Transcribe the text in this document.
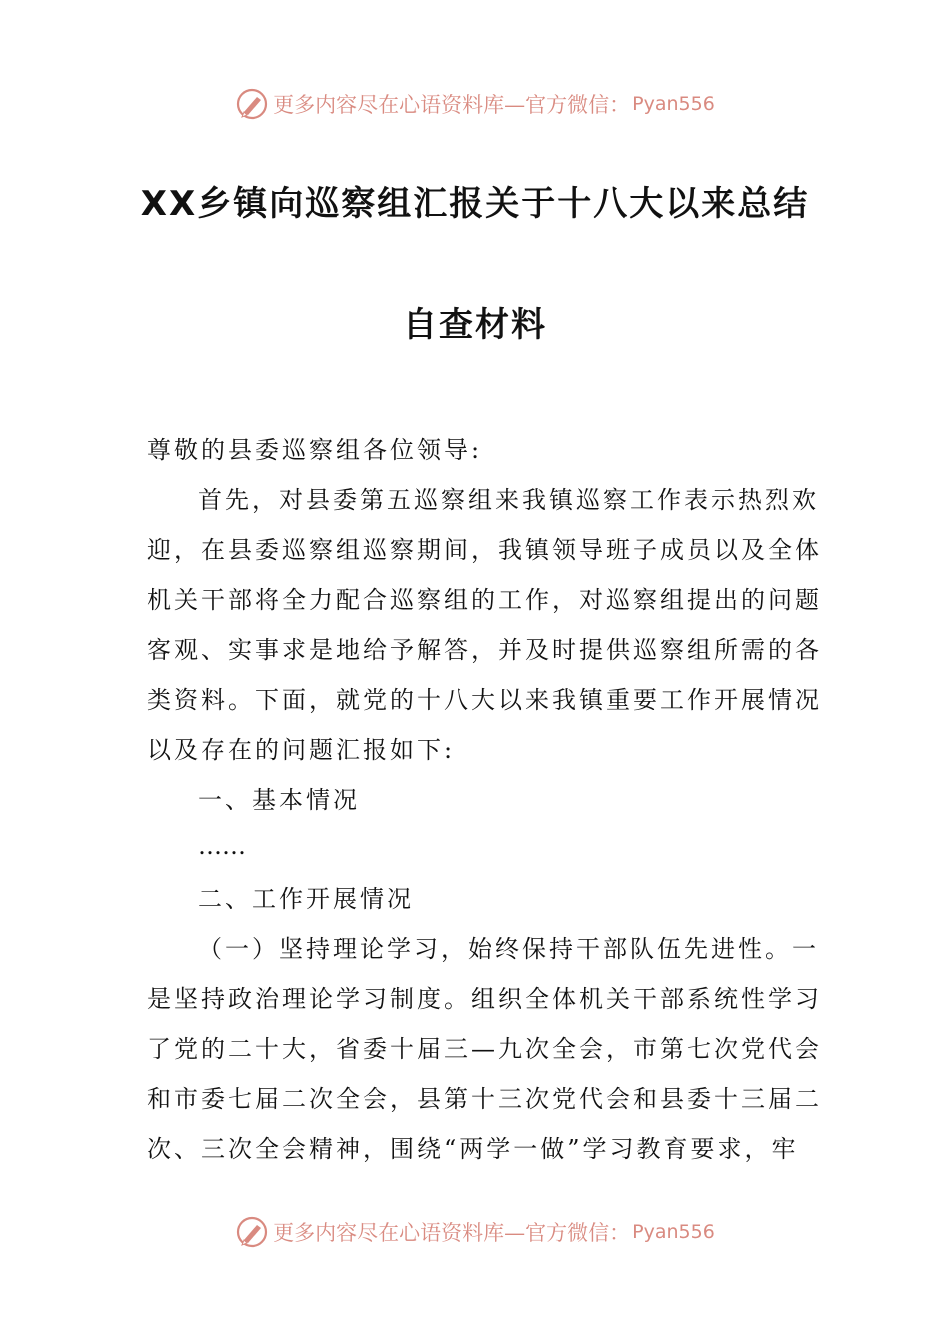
更多内容尽在心语资料库—官方微信： Pyan556
XX乡镇向巡察组汇报关于十八大以来总结
自查材料
尊敬的县委巡察组各位领导:
首先，对县委第五巡察组来我镇巡察工作表示热烈欢
迎，在县委巡察组巡察期间，我镇领导班子成员以及全体
机关干部将全力配合巡察组的工作，对巡察组提出的问题
客观、实事求是地给予解答，并及时提供巡察组所需的各
类资料。下面，就党的十八大以来我镇重要工作开展情况
以及存在的问题汇报如下:
一、基本情况
……
二、工作开展情况
（一）坚持理论学习，始终保持干部队伍先进性。一
是坚持政治理论学习制度。组织全体机关干部系统性学习
了党的二十大，省委十届三—九次全会，市第七次党代会
和市委七届二次全会，县第十三次党代会和县委十三届二
次、三次全会精神，围绕“两学一做”学习教育要求，牢
更多内容尽在心语资料库—官方微信： Pyan556
